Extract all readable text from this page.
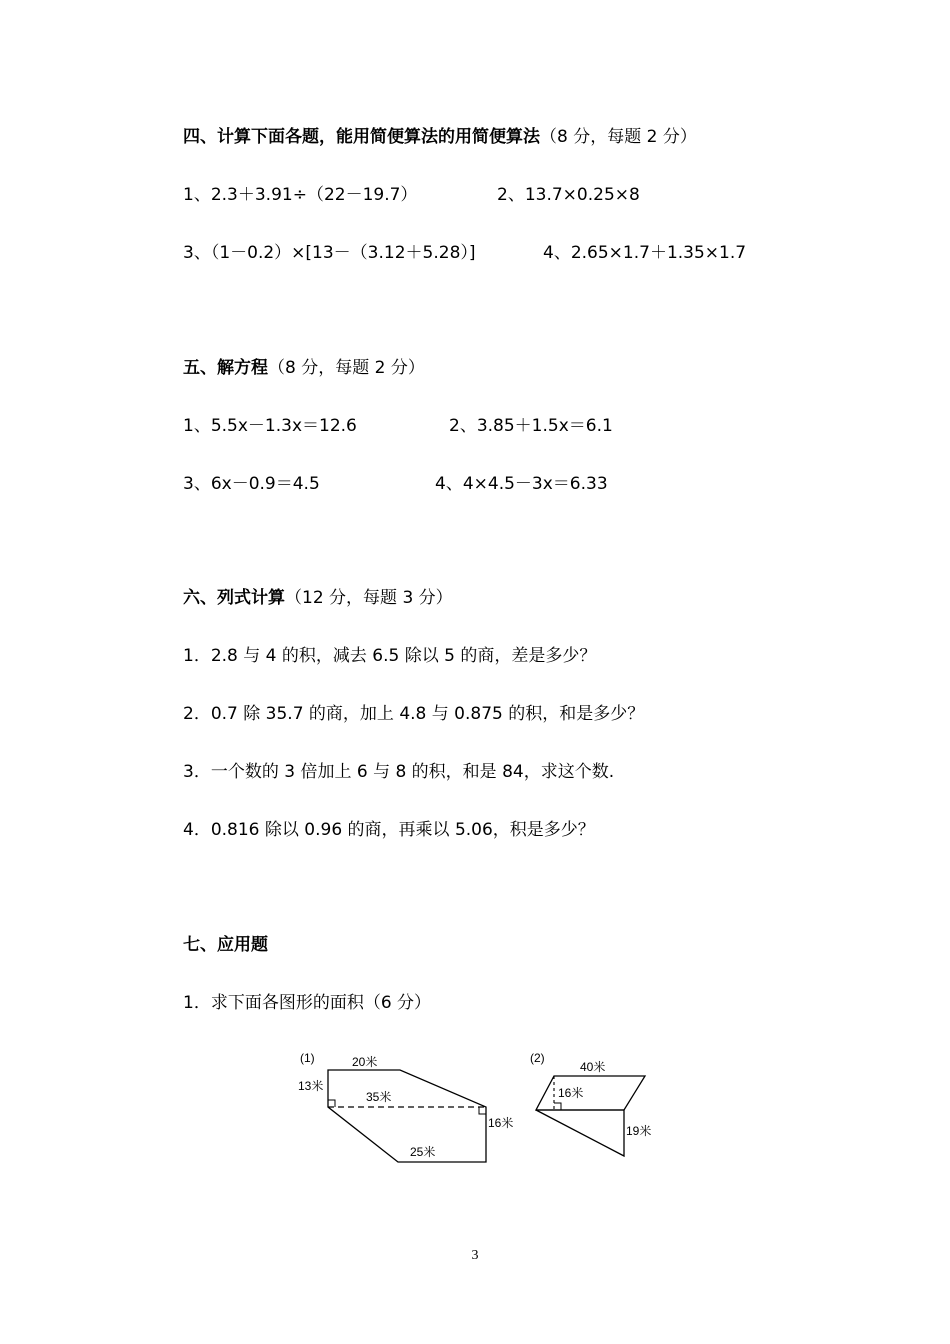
四、计算下面各题，能用简便算法的用简便算法（8 分，每题 2 分）
1、2.3＋3.91÷（22－19.7）	2、13.7×0.25×8
3、（1－0.2）×[13－（3.12＋5.28）]	4、2.65×1.7＋1.35×1.7
五、解方程（8 分，每题 2 分）
1、5.5x－1.3x＝12.6	2、3.85＋1.5x＝6.1
3、6x－0.9＝4.5	4、4×4.5－3x＝6.33
六、列式计算（12 分，每题 3 分）
1．2.8 与 4 的积，减去 6.5 除以 5 的商，差是多少？
2．0.7 除 35.7 的商，加上 4.8 与 0.875 的积，和是多少？
3．一个数的 3 倍加上 6 与 8 的积，和是 84，求这个数.
4．0.816 除以 0.96 的商，再乘以 5.06，积是多少？
七、应用题
1．求下面各图形的面积（6 分）
(1)	20米
13米
35米
16米
25米
(2)
40米
16米
19米
3
